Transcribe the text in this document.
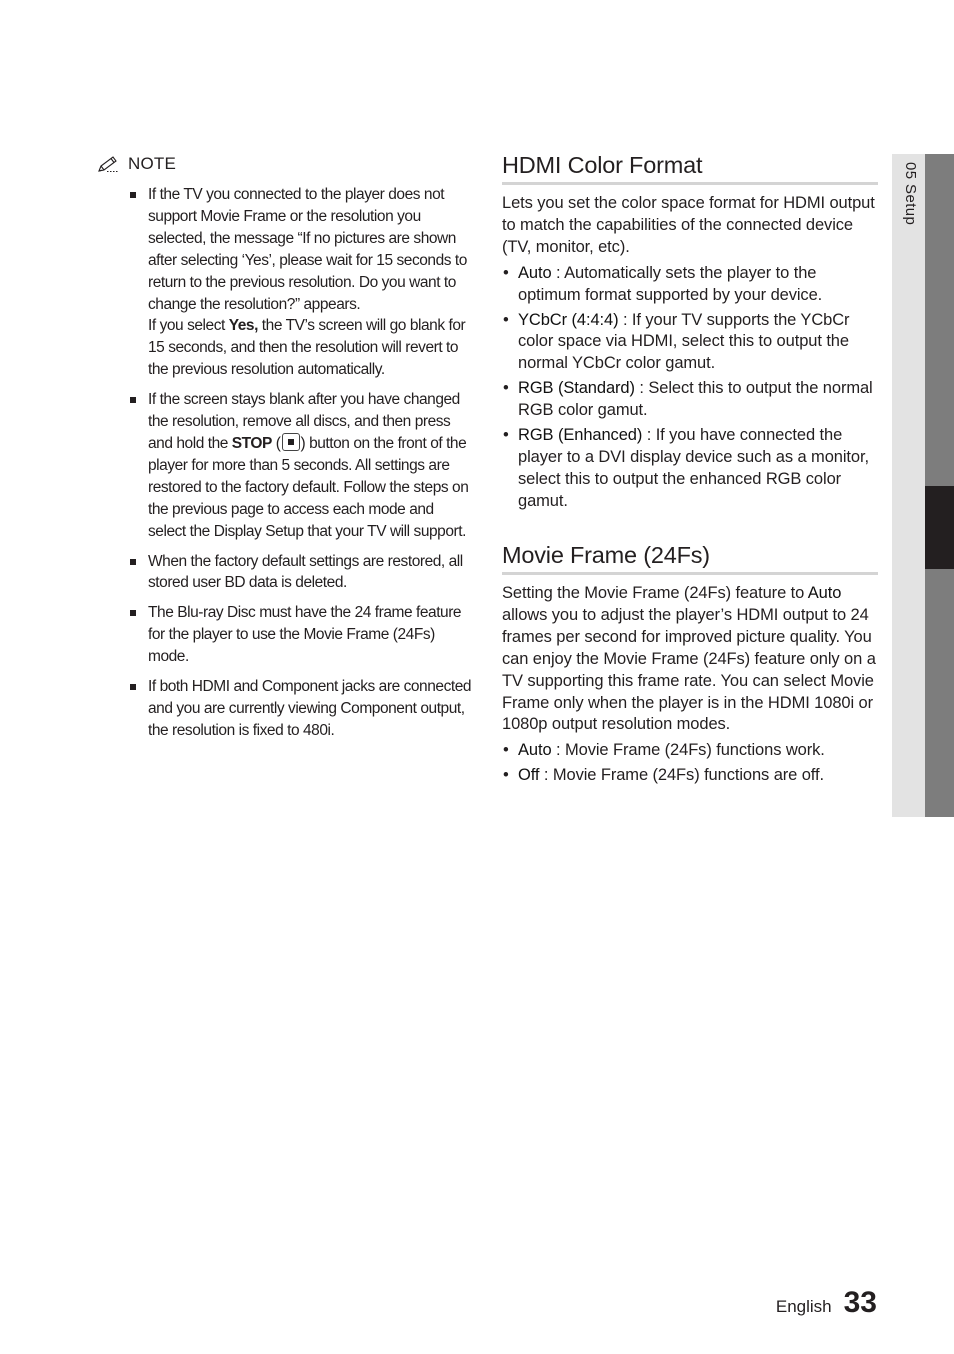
NOTE
If the TV you connected to the player does not support Movie Frame or the resolution you selected, the message “If no pictures are shown after selecting ‘Yes’, please wait for 15 seconds to return to the previous resolution. Do you want to change the resolution?” appears.
If you select Yes, the TV’s screen will go blank for 15 seconds, and then the resolution will revert to the previous resolution automatically.
If the screen stays blank after you have changed the resolution, remove all discs, and then press and hold the STOP ( ) button on the front of the player for more than 5 seconds. All settings are restored to the factory default. Follow the steps on the previous page to access each mode and select the Display Setup that your TV will support.
When the factory default settings are restored, all stored user BD data is deleted.
The Blu-ray Disc must have the 24 frame feature for the player to use the Movie Frame (24Fs) mode.
If both HDMI and Component jacks are connected and you are currently viewing Component output, the resolution is fixed to 480i.
HDMI Color Format

Lets you set the color space format for HDMI output to match the capabilities of the connected device (TV, monitor, etc).

• Auto : Automatically sets the player to the optimum format supported by your device.
• YCbCr (4:4:4) : If your TV supports the YCbCr color space via HDMI, select this to output the normal YCbCr color gamut.
• RGB (Standard) : Select this to output the normal RGB color gamut.
• RGB (Enhanced) : If you have connected the player to a DVI display device such as a monitor, select this to output the enhanced RGB color gamut.
Movie Frame (24Fs)

Setting the Movie Frame (24Fs) feature to Auto allows you to adjust the player’s HDMI output to 24 frames per second for improved picture quality. You can enjoy the Movie Frame (24Fs) feature only on a TV supporting this frame rate. You can select Movie Frame only when the player is in the HDMI 1080i or 1080p output resolution modes.

• Auto : Movie Frame (24Fs) functions work.
• Off : Movie Frame (24Fs) functions are off.
05 Setup
English 33
